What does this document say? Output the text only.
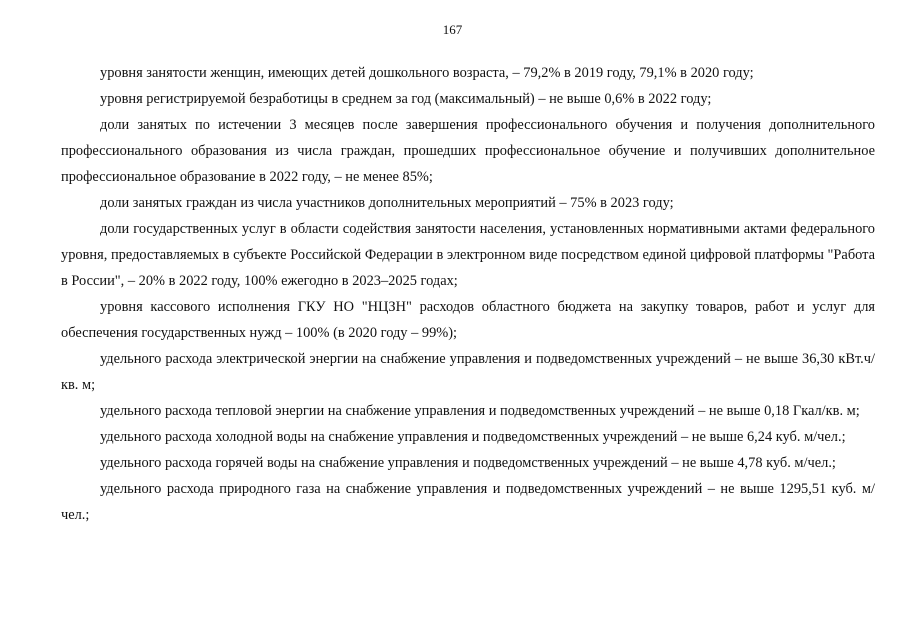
167

уровня занятости женщин, имеющих детей дошкольного возраста, – 79,2% в 2019 году, 79,1% в 2020 году;

уровня регистрируемой безработицы в среднем за год (максимальный) – не выше 0,6% в 2022 году;

доли занятых по истечении 3 месяцев после завершения профессионального обучения и получения дополнительного профессионального образования из числа граждан, прошедших профессиональное обучение и получивших дополнительное профессиональное образование в 2022 году, – не менее 85%;

доли занятых граждан из числа участников дополнительных мероприятий – 75% в 2023 году;

доли государственных услуг в области содействия занятости населения, установленных нормативными актами федерального уровня, предоставляемых в субъекте Российской Федерации в электронном виде посредством единой цифровой платформы "Работа в России", – 20% в 2022 году, 100% ежегодно в 2023–2025 годах;

уровня кассового исполнения ГКУ НО "НЦЗН" расходов областного бюджета на закупку товаров, работ и услуг для обеспечения государственных нужд – 100% (в 2020 году – 99%);

удельного расхода электрической энергии на снабжение управления и подведомственных учреждений – не выше 36,30 кВт.ч/кв. м;

удельного расхода тепловой энергии на снабжение управления и подведомственных учреждений – не выше 0,18 Гкал/кв. м;

удельного расхода холодной воды на снабжение управления и подведомственных учреждений – не выше 6,24 куб. м/чел.;

удельного расхода горячей воды на снабжение управления и подведомственных учреждений – не выше 4,78 куб. м/чел.;

удельного расхода природного газа на снабжение управления и подведомственных учреждений – не выше 1295,51 куб. м/чел.;
